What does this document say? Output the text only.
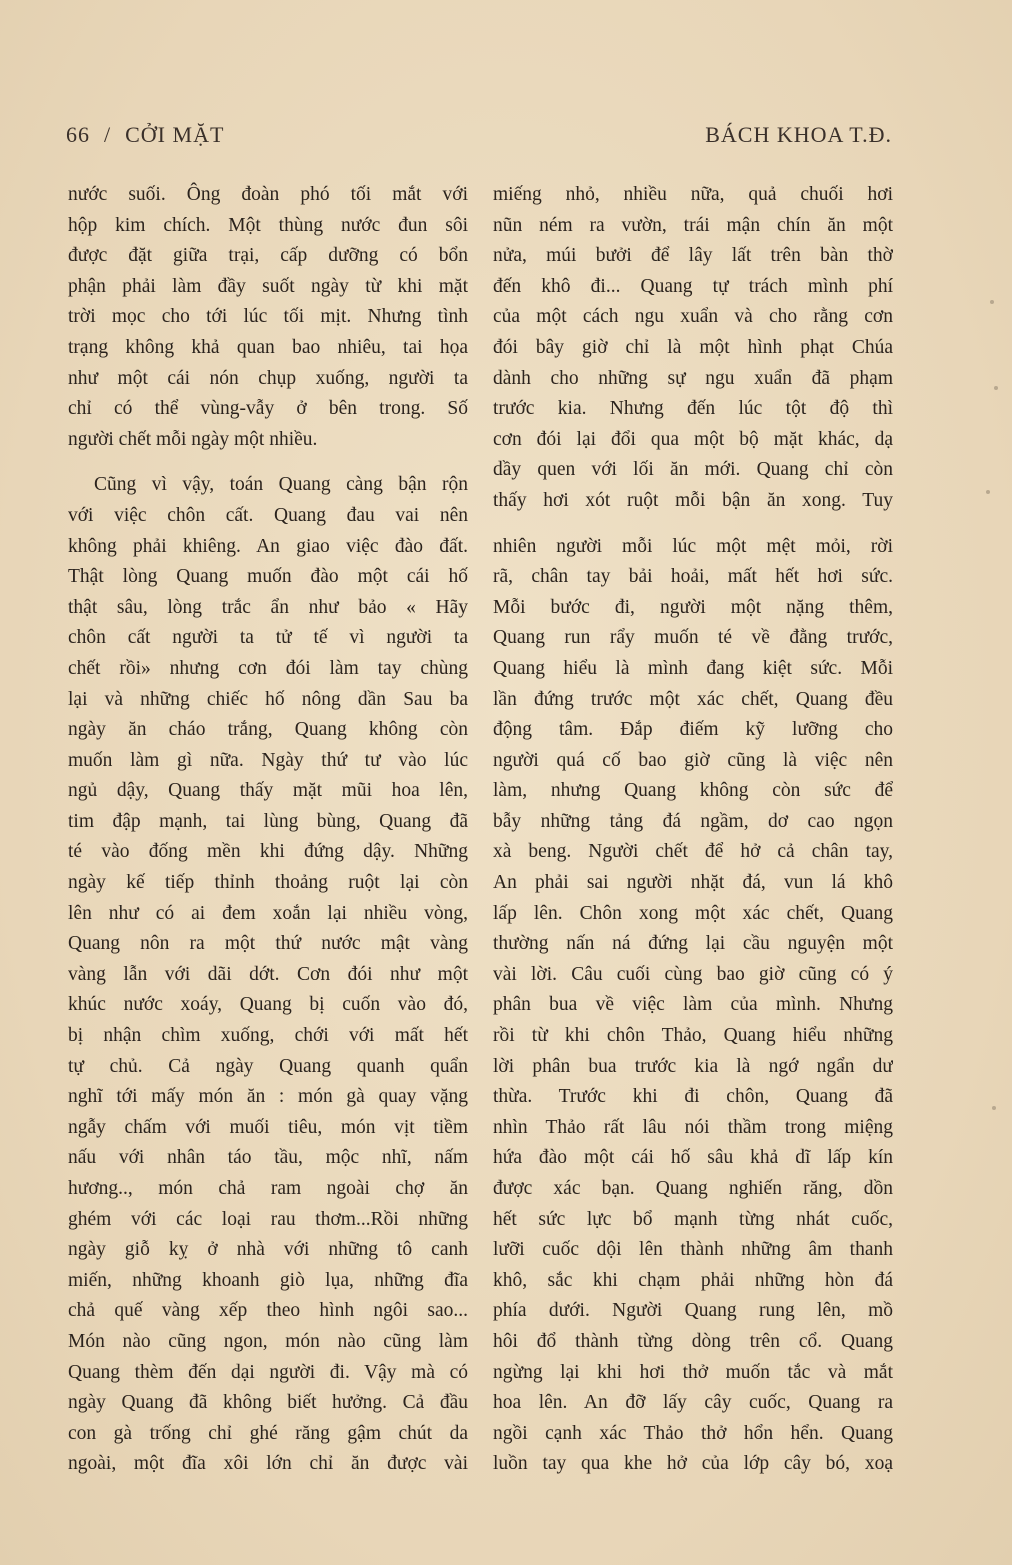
66 / CỞI MẶT	BÁCH KHOA T.Đ.

nước suối. Ông đoàn phó tối mắt với
hộp kim chích. Một thùng nước đun sôi
được đặt giữa trại, cấp dưỡng có bổn
phận phải làm đầy suốt ngày từ khi mặt
trời mọc cho tới lúc tối mịt. Nhưng tình
trạng không khả quan bao nhiêu, tai họa
như một cái nón chụp xuống, người ta
chỉ có thể vùng-vẫy ở bên trong. Số
người chết mỗi ngày một nhiều.

Cũng vì vậy, toán Quang càng bận rộn
với việc chôn cất. Quang đau vai nên
không phải khiêng. An giao việc đào đất.
Thật lòng Quang muốn đào một cái hố
thật sâu, lòng trắc ẩn như bảo « Hãy
chôn cất người ta tử tế vì người ta
chết rồi» nhưng cơn đói làm tay chùng
lại và những chiếc hố nông dần Sau ba
ngày ăn cháo trắng, Quang không còn
muốn làm gì nữa. Ngày thứ tư vào lúc
ngủ dậy, Quang thấy mặt mũi hoa lên,
tim đập mạnh, tai lùng bùng, Quang đã
té vào đống mền khi đứng dậy. Những
ngày kế tiếp thỉnh thoảng ruột lại còn
lên như có ai đem xoắn lại nhiều vòng,
Quang nôn ra một thứ nước mật vàng
vàng lẫn với dãi dớt. Cơn đói như một
khúc nước xoáy, Quang bị cuốn vào đó,
bị nhận chìm xuống, chới với mất hết
tự chủ. Cả ngày Quang quanh quẩn
nghĩ tới mấy món ăn : món gà quay vặng
ngẫy chấm với muối tiêu, món vịt tiềm
nấu với nhân táo tầu, mộc nhĩ, nấm
hương.., món chả ram ngoài chợ ăn
ghém với các loại rau thơm...Rồi những
ngày giỗ kỵ ở nhà với những tô canh
miến, những khoanh giò lụa, những đĩa
chả quế vàng xếp theo hình ngôi sao...
Món nào cũng ngon, món nào cũng làm
Quang thèm đến dại người đi. Vậy mà có
ngày Quang đã không biết hưởng. Cả đầu
con gà trống chỉ ghé răng gậm chút da
ngoài, một đĩa xôi lớn chỉ ăn được vài

miếng nhỏ, nhiều nữa, quả chuối hơi
nũn ném ra vườn, trái mận chín ăn một
nửa, múi bưởi để lây lất trên bàn thờ
đến khô đi... Quang tự trách mình phí
của một cách ngu xuẩn và cho rằng cơn
đói bây giờ chỉ là một hình phạt Chúa
dành cho những sự ngu xuẩn đã phạm
trước kia. Nhưng đến lúc tột độ thì
cơn đói lại đổi qua một bộ mặt khác, dạ
dầy quen với lối ăn mới. Quang chỉ còn
thấy hơi xót ruột mỗi bận ăn xong. Tuy

nhiên người mỗi lúc một mệt mỏi, rời
rã, chân tay bải hoải, mất hết hơi sức.
Mỗi bước đi, người một nặng thêm,
Quang run rẩy muốn té về đằng trước,
Quang hiểu là mình đang kiệt sức. Mỗi
lần đứng trước một xác chết, Quang đều
động tâm. Đắp điếm kỹ lưỡng cho
người quá cố bao giờ cũng là việc nên
làm, nhưng Quang không còn sức để
bẫy những tảng đá ngầm, dơ cao ngọn
xà beng. Người chết để hở cả chân tay,
An phải sai người nhặt đá, vun lá khô
lấp lên. Chôn xong một xác chết, Quang
thường nấn ná đứng lại cầu nguyện một
vài lời. Câu cuối cùng bao giờ cũng có ý
phân bua về việc làm của mình. Nhưng
rồi từ khi chôn Thảo, Quang hiểu những
lời phân bua trước kia là ngớ ngẩn dư
thừa. Trước khi đi chôn, Quang đã
nhìn Thảo rất lâu nói thầm trong miệng
hứa đào một cái hố sâu khả dĩ lấp kín
được xác bạn. Quang nghiến răng, dồn
hết sức lực bổ mạnh từng nhát cuốc,
lưỡi cuốc dội lên thành những âm thanh
khô, sắc khi chạm phải những hòn đá
phía dưới. Người Quang rung lên, mồ
hôi đổ thành từng dòng trên cổ. Quang
ngừng lại khi hơi thở muốn tắc và mắt
hoa lên. An đỡ lấy cây cuốc, Quang ra
ngồi cạnh xác Thảo thở hổn hển. Quang
luồn tay qua khe hở của lớp cây bó, xoạ
